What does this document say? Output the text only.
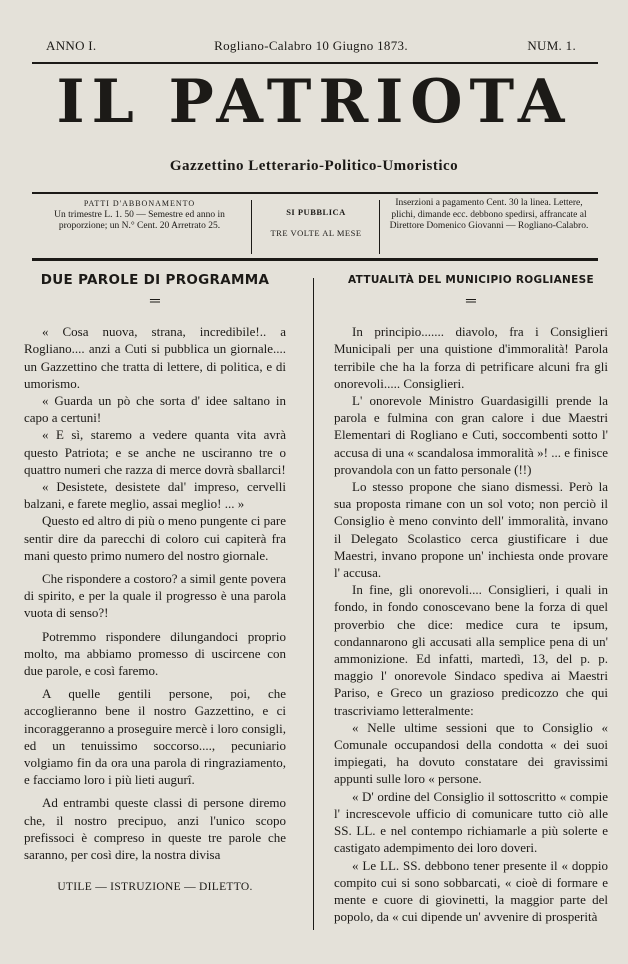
ANNO I.	Rogliano-Calabro 10 Giugno 1873.	NUM. 1.
IL PATRIOTA
Gazzettino Letterario-Politico-Umoristico
PATTI D'ABBONAMENTO
Un trimestre L. 1. 50 — Semestre ed anno in proporzione; un N.° Cent. 20 Arretrato 25.
SI PUBBLICA
TRE VOLTE AL MESE
Inserzioni a pagamento Cent. 30 la linea. Lettere, plichi, dimande ecc. debbono spedirsi, affrancate al Direttore Domenico Giovanni — Rogliano-Calabro.
DUE PAROLE DI PROGRAMMA
═

« Cosa nuova, strana, incredibile!.. a Rogliano.... anzi a Cuti si pubblica un giornale.... un Gazzettino che tratta di lettere, di politica, e di umorismo.

« Guarda un pò che sorta d' idee saltano in capo a certuni!

« E sì, staremo a vedere quanta vita avrà questo Patriota; e se anche ne usciranno tre o quattro numeri che razza di merce dovrà sballarci!

« Desistete, desistete dal' impreso, cervelli balzani, e farete meglio, assai meglio! ... »

Questo ed altro di più o meno pungente ci pare sentir dire da parecchi di coloro cui capiterà fra mani questo primo numero del nostro giornale.

Che rispondere a costoro? a simil gente povera di spirito, e per la quale il progresso è una parola vuota di senso?!

Potremmo rispondere dilungandoci proprio molto, ma abbiamo promesso di uscircene con due parole, e così faremo.

A quelle gentili persone, poi, che accoglieranno bene il nostro Gazzettino, e ci incoraggeranno a proseguire mercè i loro consigli, ed un tenuissimo soccorso...., pecuniario volgiamo fin da ora una parola di ringraziamento, e facciamo loro i più lieti augurî.

Ad entrambi queste classi di persone diremo che, il nostro precipuo, anzi l'unico scopo prefissoci è compreso in queste tre parole che saranno, per così dire, la nostra divisa

UTILE — ISTRUZIONE — DILETTO.
ATTUALITÀ DEL MUNICIPIO ROGLIANESE
═

In principio....... diavolo, fra i Consiglieri Municipali per una quistione d'immoralità! Parola terribile che ha la forza di petrificare alcuni fra gli onorevoli..... Consiglieri.

L' onorevole Ministro Guardasigilli prende la parola e fulmina con gran calore i due Maestri Elementari di Rogliano e Cuti, soccombenti sotto l' accusa di una « scandalosa immoralità »! ... e finisce provandola con un fatto personale (!!)

Lo stesso propone che siano dismessi. Però la sua proposta rimane con un sol voto; non perciò il Consiglio è meno convinto dell' immoralità, invano il Delegato Scolastico cerca giustificare i due Maestri, invano propone un' inchiesta onde provare l' accusa.

In fine, gli onorevoli.... Consiglieri, i quali in fondo, in fondo conoscevano bene la forza di quel proverbio che dice: medice cura te ipsum, condannarono gli accusati alla semplice pena di un' ammonizione. Ed infatti, martedì, 13, del p. p. maggio l' onorevole Sindaco spediva ai Maestri Pariso, e Greco un grazioso predicozzo che qui trascriviamo letteralmente:

« Nelle ultime sessioni que to Consiglio « Comunale occupandosi della condotta « dei suoi impiegati, ha dovuto constatare dei gravissimi appunti sulle loro « persone.

« D' ordine del Consiglio il sottoscritto « compie l' increscevole ufficio di comunicare tutto ciò alle SS. LL. e nel contempo richiamarle a più solerte e castigato adempimento dei loro doveri.

« Le LL. SS. debbono tener presente il « doppio compito cui si sono sobbarcati, « cioè di formare e mente e cuore di giovinetti, la maggior parte del popolo, da « cui dipende un' avvenire di prosperità
